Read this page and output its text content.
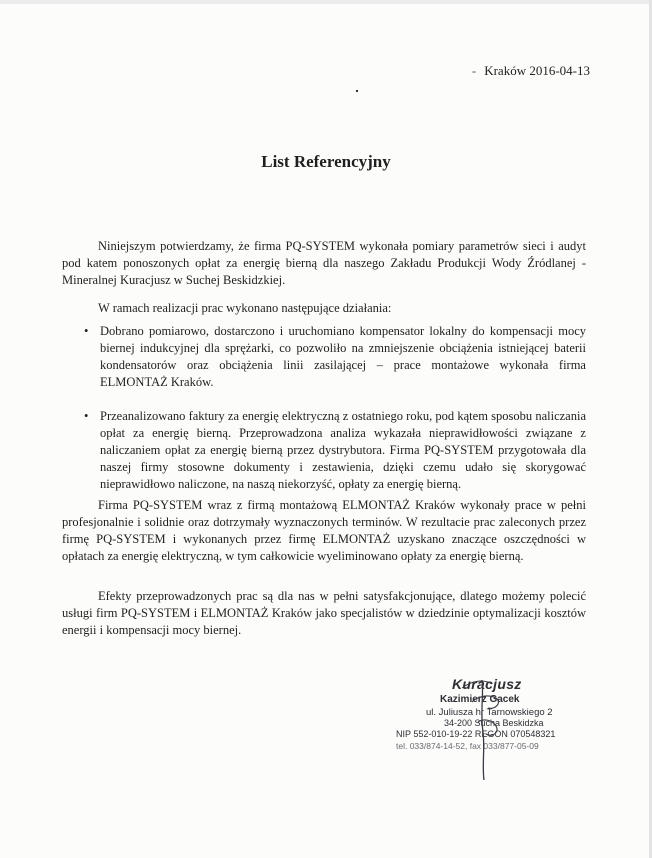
- Kraków 2016-04-13
List Referencyjny

Niniejszym potwierdzamy, że firma PQ-SYSTEM wykonała pomiary parametrów sieci i audyt pod katem ponoszonych opłat za energię bierną dla naszego Zakładu Produkcji Wody Źródlanej - Mineralnej Kuracjusz w Suchej Beskidzkiej.

W ramach realizacji prac wykonano następujące działania:

• Dobrano pomiarowo, dostarczono i uruchomiano kompensator lokalny do kompensacji mocy biernej indukcyjnej dla sprężarki, co pozwoliło na zmniejszenie obciążenia istniejącej baterii kondensatorów oraz obciążenia linii zasilającej – prace montażowe wykonała firma ELMONTAŻ Kraków.
• Przeanalizowano faktury za energię elektryczną z ostatniego roku, pod kątem sposobu naliczania opłat za energię bierną. Przeprowadzona analiza wykazała nieprawidłowości związane z naliczaniem opłat za energię bierną przez dystrybutora. Firma PQ-SYSTEM przygotowała dla naszej firmy stosowne dokumenty i zestawienia, dzięki czemu udało się skorygować nieprawidłowo naliczone, na naszą niekorzyść, opłaty za energię bierną.

Firma PQ-SYSTEM wraz z firmą montażową ELMONTAŻ Kraków wykonały prace w pełni profesjonalnie i solidnie oraz dotrzymały wyznaczonych terminów. W rezultacie prac zaleconych przez firmę PQ-SYSTEM i wykonanych przez firmę ELMONTAŻ uzyskano znaczące oszczędności w opłatach za energię elektryczną, w tym całkowicie wyeliminowano opłaty za energię bierną.

Efekty przeprowadzonych prac są dla nas w pełni satysfakcjonujące, dlatego możemy polecić usługi firm PQ-SYSTEM i ELMONTAŻ Kraków jako specjalistów w dziedzinie optymalizacji kosztów energii i kompensacji mocy biernej.

Kuracjusz
Kazimierz Gacek
ul. Juliusza hr Tarnowskiego 2
34-200 Sucha Beskidzka
NIP 552-010-19-22 REGON 070548321
tel. 033/874-14-52, fax 033/877-05-09
